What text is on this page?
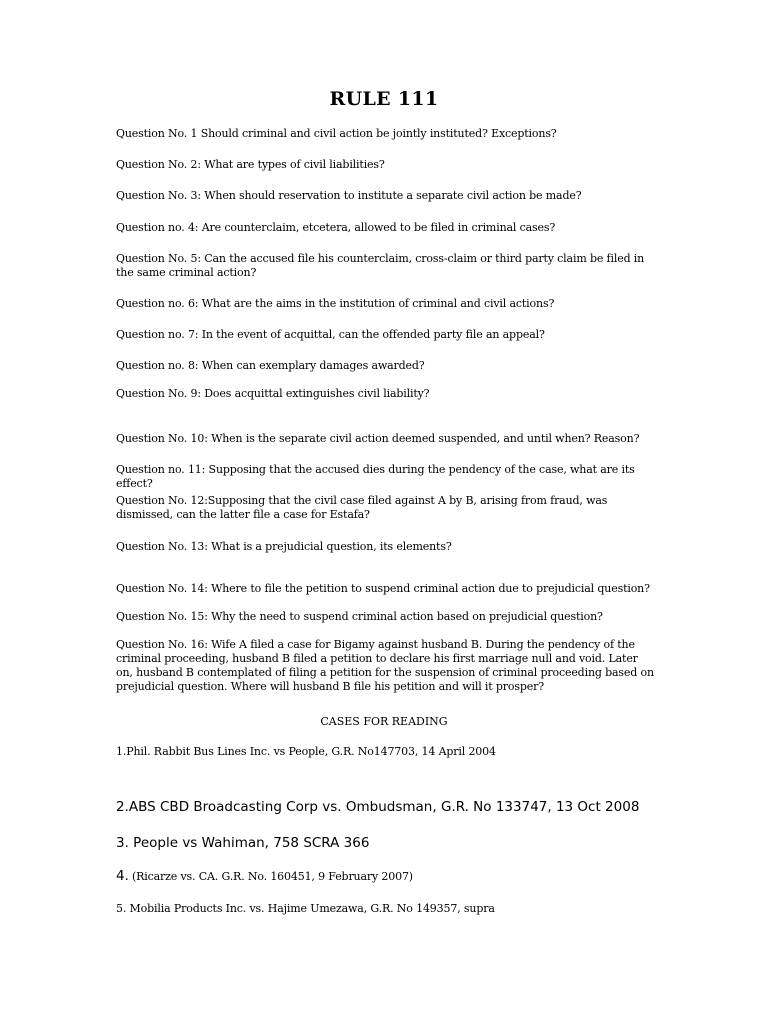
RULE 111
Question No. 1 Should criminal and civil action be jointly instituted? Exceptions?
Question No. 2: What are types of civil liabilities?
Question No. 3: When should reservation to institute a separate civil action be made?
Question no. 4: Are counterclaim, etcetera, allowed to be filed in criminal cases?
Question No. 5: Can the accused file his counterclaim, cross-claim or third party claim be filed in the same criminal action?
Question no. 6: What are the aims in the institution of criminal and civil actions?
Question no. 7: In the event of acquittal, can the offended party file an appeal?
Question no. 8: When can exemplary damages awarded?
Question No. 9: Does acquittal extinguishes civil liability?
Question No. 10: When is the separate civil action deemed suspended, and until when? Reason?
Question no. 11: Supposing that the accused dies during the pendency of the case, what are its effect?
Question No. 12:Supposing that the civil case filed against A by B, arising from fraud, was dismissed, can the latter file a case for Estafa?
Question No. 13: What is a prejudicial question, its elements?
Question No. 14: Where to file the petition to suspend criminal action due to prejudicial question?
Question No. 15: Why the need to suspend criminal action based on prejudicial question?
Question No. 16: Wife A filed a case for Bigamy against husband B. During the pendency of the criminal proceeding, husband B filed a petition to declare his first marriage null and void. Later on, husband B contemplated of filing a petition for the suspension of criminal proceeding based on prejudicial question. Where will husband B file his petition and will it prosper?
CASES FOR READING
1.Phil. Rabbit Bus Lines Inc. vs People, G.R. No147703, 14 April 2004
2.ABS CBD Broadcasting Corp vs. Ombudsman, G.R. No 133747, 13 Oct 2008
3. People vs Wahiman, 758 SCRA 366
4. (Ricarze vs. CA. G.R. No. 160451, 9 February 2007)
5. Mobilia Products Inc. vs. Hajime Umezawa, G.R. No 149357, supra
